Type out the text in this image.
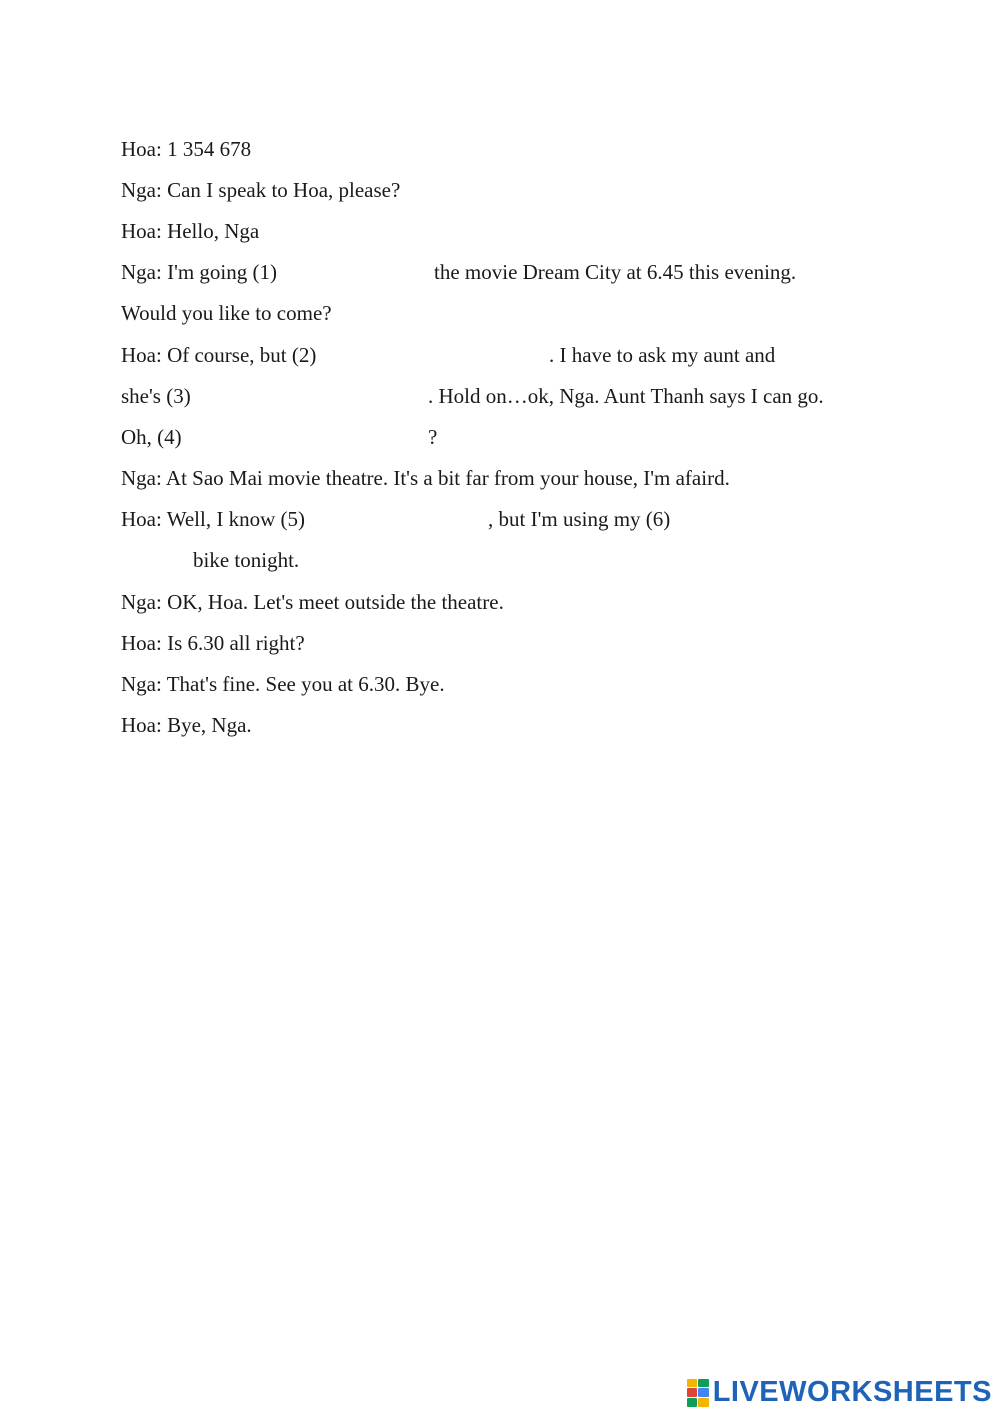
Hoa: 1 354 678
Nga: Can I speak to Hoa, please?
Hoa: Hello, Nga
Nga: I'm going (1)	the movie Dream City at 6.45 this evening.
Would you like to come?
Hoa: Of course, but (2)	. I have to ask my aunt and
she's (3)	. Hold on…ok, Nga. Aunt Thanh says I can go.
Oh, (4)	?
Nga: At Sao Mai movie theatre. It's a bit far from your house, I'm afaird.
Hoa: Well, I know (5)	, but I'm using my (6)
bike tonight.
Nga: OK, Hoa. Let's meet outside the theatre.
Hoa: Is 6.30 all right?
Nga: That's fine. See you at 6.30. Bye.
Hoa: Bye, Nga.
LIVEWORKSHEETS
